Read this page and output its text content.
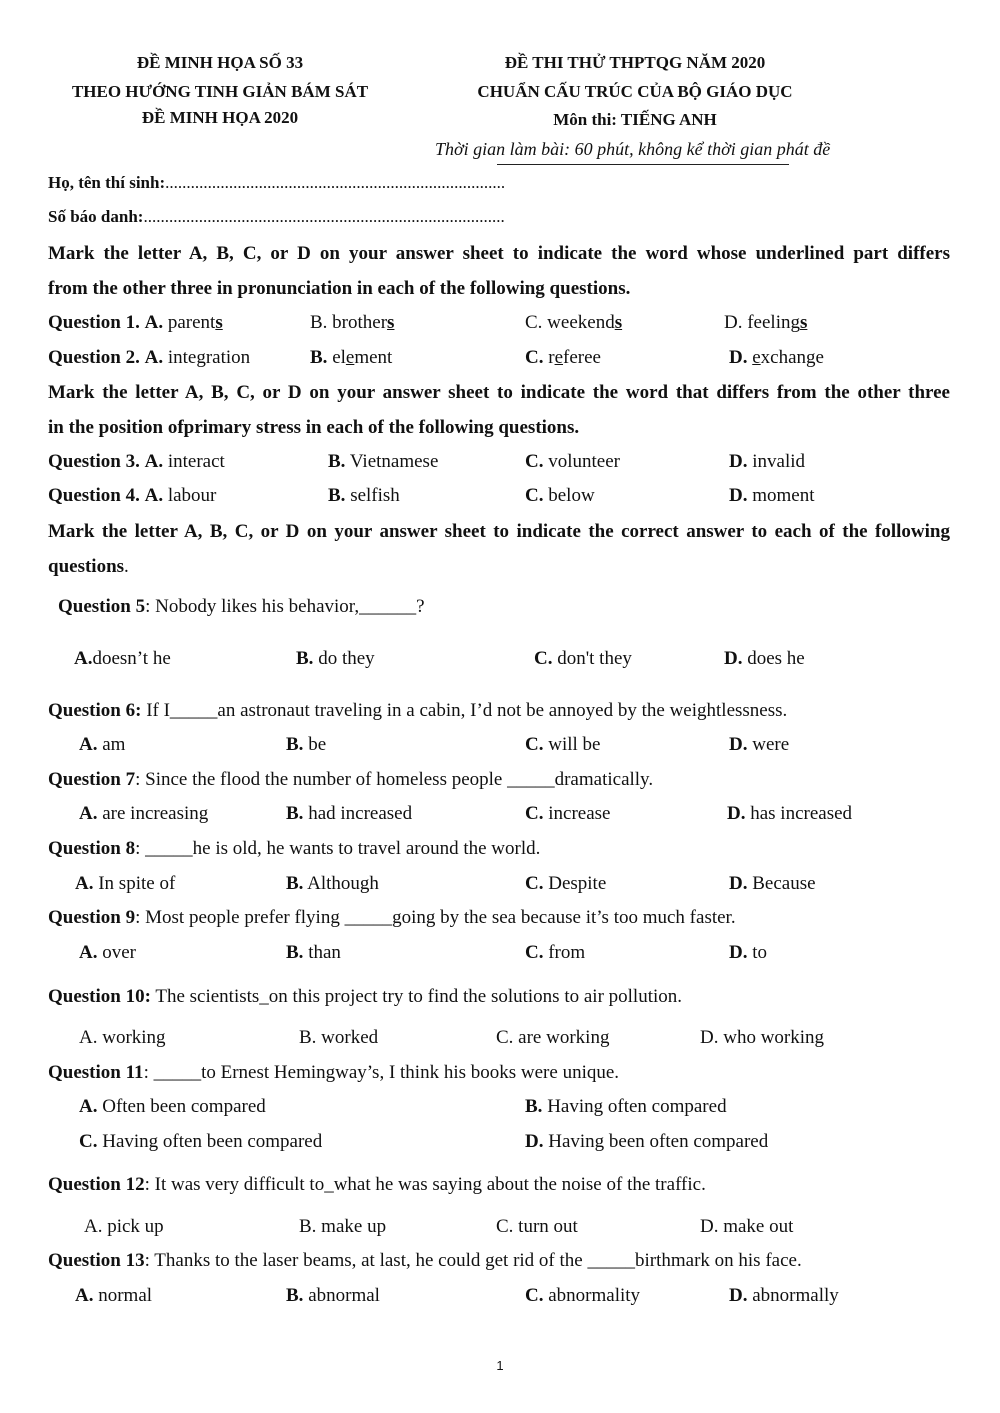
ĐỀ MINH HỌA SỐ 33
THEO HƯỚNG TINH GIẢN BÁM SÁT
ĐỀ MINH HỌA 2020
ĐỀ THI THỬ THPTQG NĂM 2020
CHUẨN CẤU TRÚC CỦA BỘ GIÁO DỤC
Môn thi: TIẾNG ANH
Thời gian làm bài: 60 phút, không kể thời gian phát đề
Họ, tên thí sinh:................................................................................
Số báo danh:.....................................................................................
Mark the letter A, B, C, or D on your answer sheet to indicate the word whose underlined part differs
from the other three in pronunciation in each of the following questions.
Question 1. A. parents	B. brothers	C. weekends	D. feelings
Question 2. A. integration	B. element	C. referee	D. exchange
Mark the letter A, B, C, or D on your answer sheet to indicate the word that differs from the other three
in the position ofprimary stress in each of the following questions.
Question 3. A. interact	B. Vietnamese	C. volunteer	D. invalid
Question 4. A. labour	B. selfish	C. below	D. moment
Mark the letter A, B, C, or D on your answer sheet to indicate the correct answer to each of the following
questions.
Question 5: Nobody likes his behavior,______?
A.doesn’t he	B. do they	C. don't they	D. does he
Question 6: If I_____an astronaut traveling in a cabin, I’d not be annoyed by the weightlessness.
A. am	B. be	C. will be	D. were
Question 7: Since the flood the number of homeless people _____dramatically.
A. are increasing	B. had increased	C. increase	D. has increased
Question 8: _____he is old, he wants to travel around the world.
A. In spite of	B. Although	C. Despite	D. Because
Question 9: Most people prefer flying _____going by the sea because it’s too much faster.
A. over	B. than	C. from	D. to
Question 10: The scientists_on this project try to find the solutions to air pollution.
A. working	B. worked	C. are working	D. who working
Question 11: _____to Ernest Hemingway’s, I think his books were unique.
A. Often been compared	B. Having often compared
C. Having often been compared	D. Having been often compared
Question 12: It was very difficult to_what he was saying about the noise of the traffic.
A. pick up	B. make up	C. turn out	D. make out
Question 13: Thanks to the laser beams, at last, he could get rid of the _____birthmark on his face.
A. normal	B. abnormal	C. abnormality	D. abnormally
1
